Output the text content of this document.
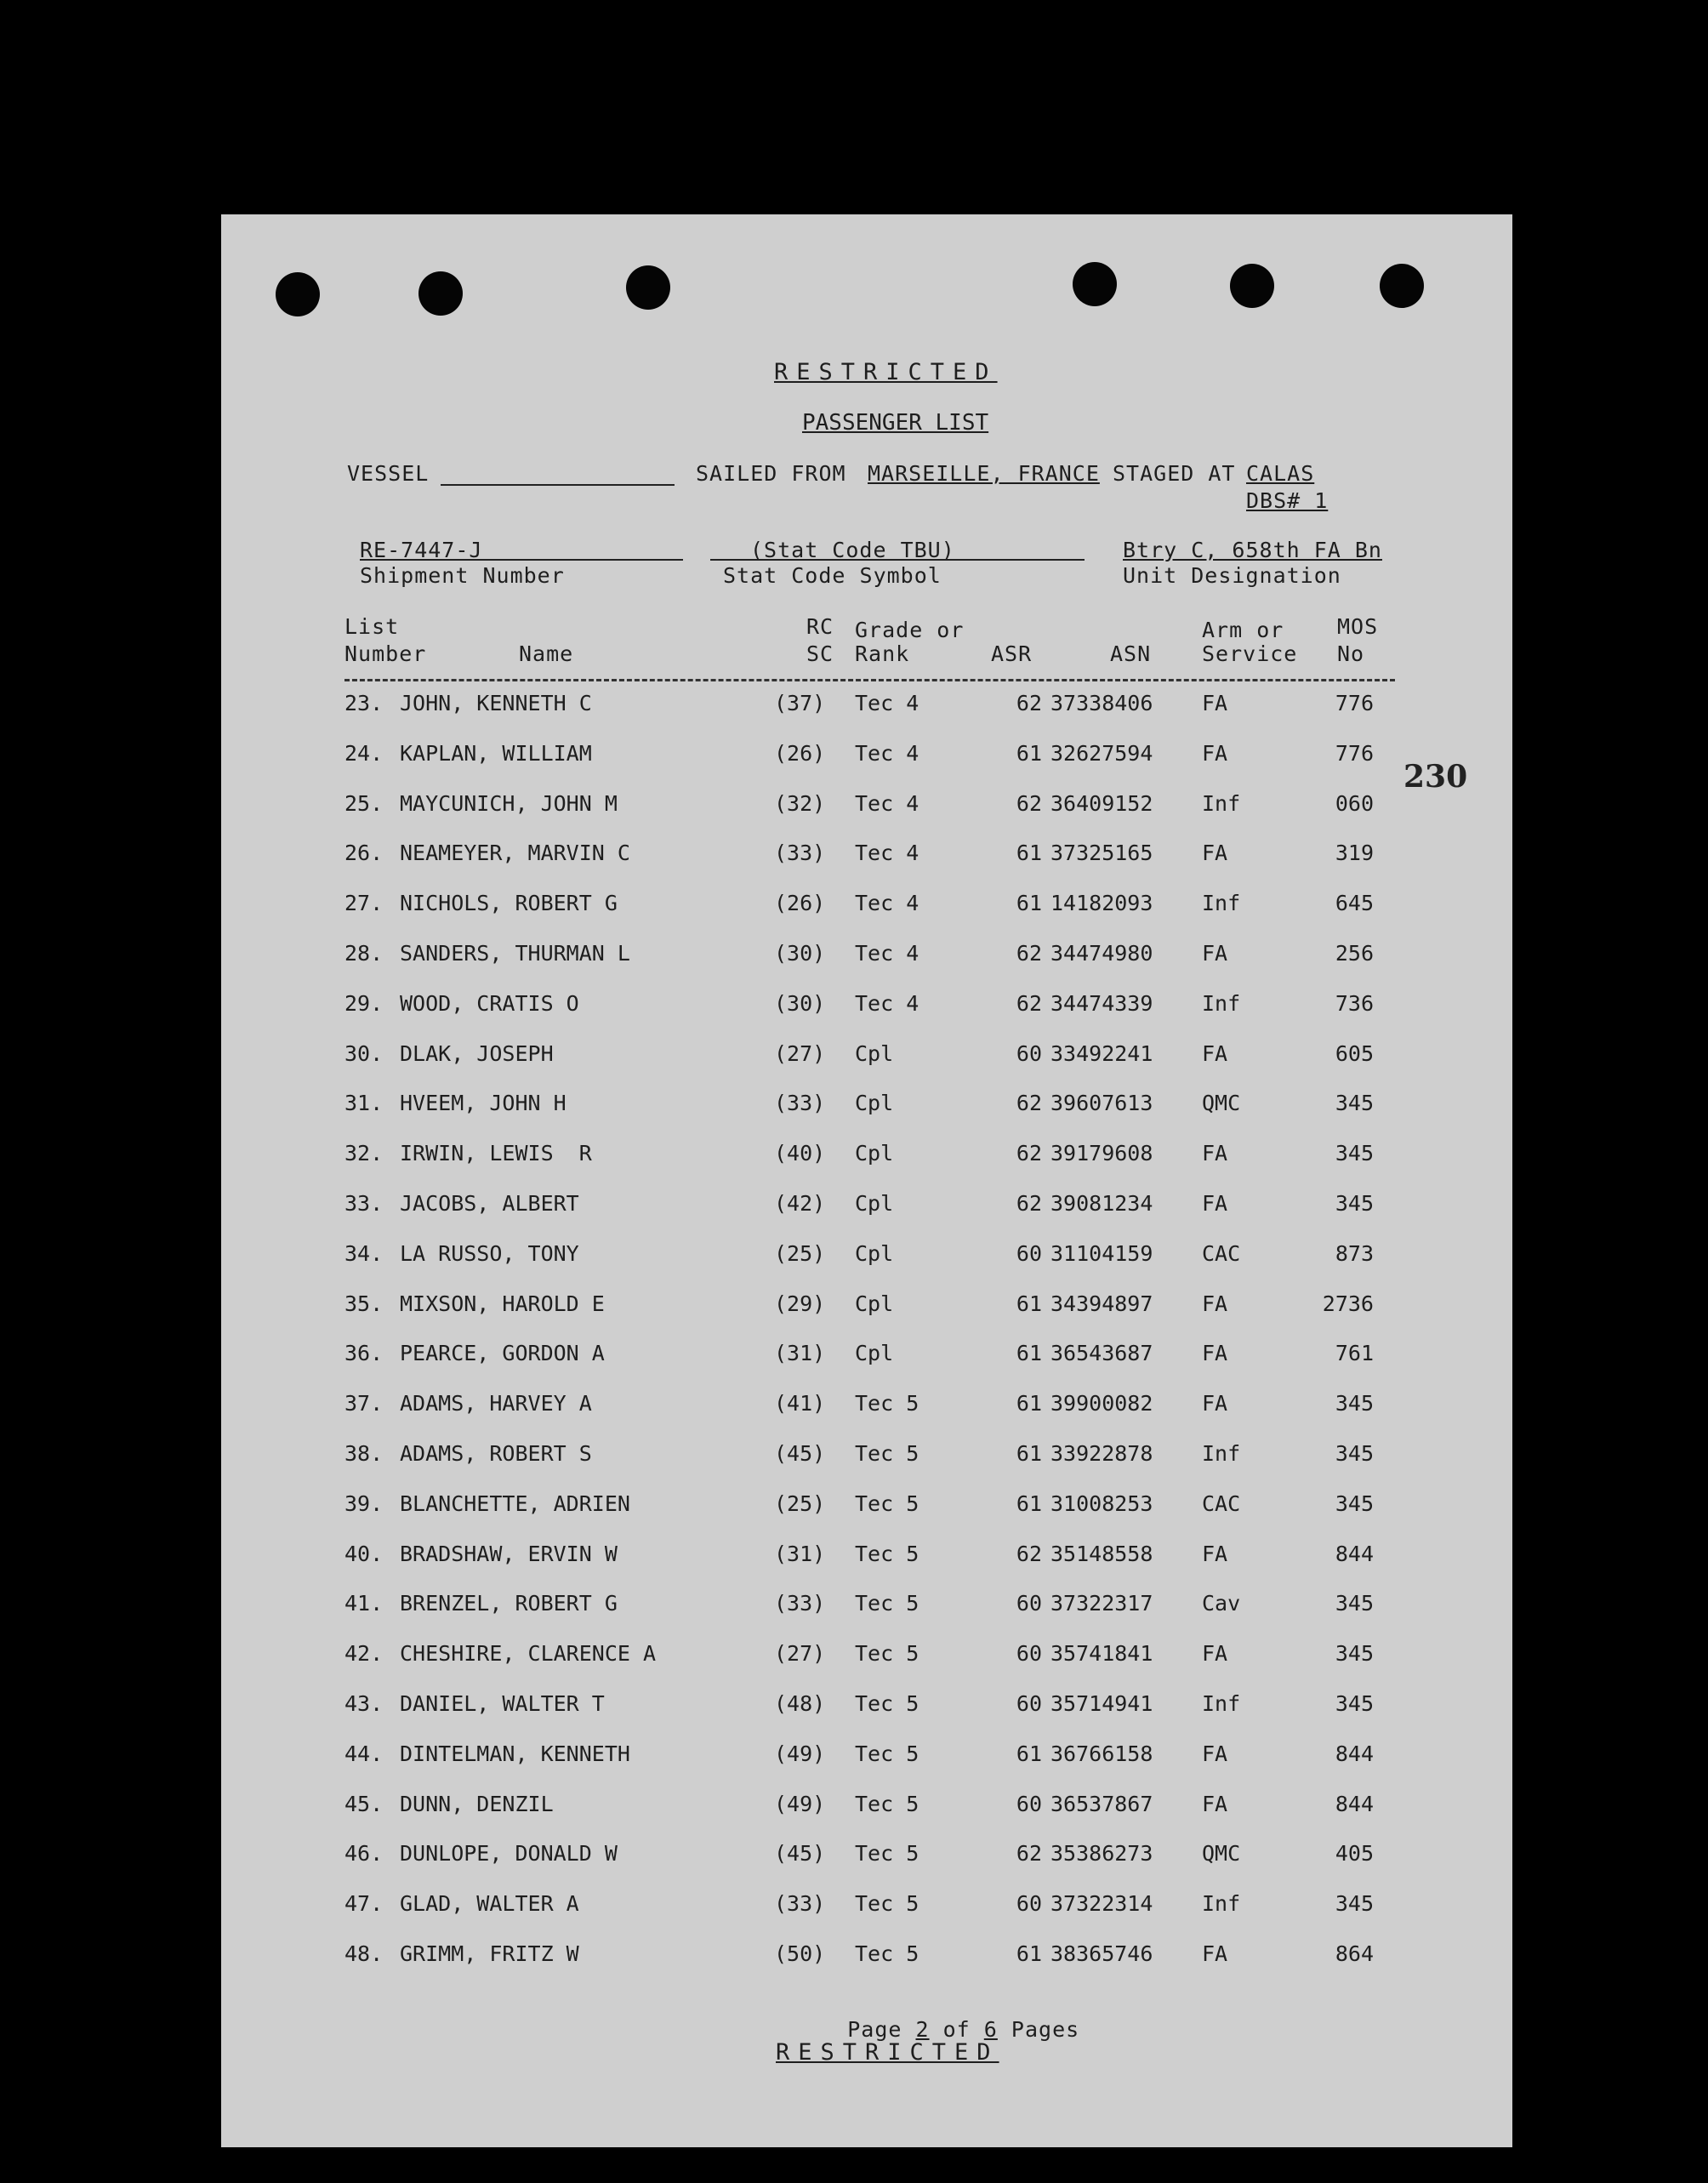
RESTRICTED
PASSENGER LIST
VESSEL	SAILED FROM MARSEILLE, FRANCE STAGED AT CALAS
DBS# 1
RE-7447-J
Shipment Number
(Stat Code TBU)
Stat Code Symbol
Btry C, 658th FA Bn
Unit Designation
List
Number	Name
RC
SC
Grade or
Rank	ASR	ASN
Arm or
Service
MOS
No
23. JOHN, KENNETH C	(37) Tec 4	62 37338406 FA	776
24. KAPLAN, WILLIAM	(26) Tec 4	61 32627594 FA	776
25. MAYCUNICH, JOHN M	(32) Tec 4	62 36409152 Inf	060
26. NEAMEYER, MARVIN C	(33) Tec 4	61 37325165 FA	319
27. NICHOLS, ROBERT G	(26) Tec 4	61 14182093 Inf	645
28. SANDERS, THURMAN L	(30) Tec 4	62 34474980 FA	256
29. WOOD, CRATIS O	(30) Tec 4	62 34474339 Inf	736
30. DLAK, JOSEPH	(27) Cpl	60 33492241 FA	605
31. HVEEM, JOHN H	(33) Cpl	62 39607613 QMC	345
32. IRWIN, LEWIS  R	(40) Cpl	62 39179608 FA	345
33. JACOBS, ALBERT	(42) Cpl	62 39081234 FA	345
34. LA RUSSO, TONY	(25) Cpl	60 31104159 CAC	873
35. MIXSON, HAROLD E	(29) Cpl	61 34394897 FA	2736
36. PEARCE, GORDON A	(31) Cpl	61 36543687 FA	761
37. ADAMS, HARVEY A	(41) Tec 5	61 39900082 FA	345
38. ADAMS, ROBERT S	(45) Tec 5	61 33922878 Inf	345
39. BLANCHETTE, ADRIEN	(25) Tec 5	61 31008253 CAC	345
40. BRADSHAW, ERVIN W	(31) Tec 5	62 35148558 FA	844
41. BRENZEL, ROBERT G	(33) Tec 5	60 37322317 Cav	345
42. CHESHIRE, CLARENCE A	(27) Tec 5	60 35741841 FA	345
43. DANIEL, WALTER T	(48) Tec 5	60 35714941 Inf	345
44. DINTELMAN, KENNETH	(49) Tec 5	61 36766158 FA	844
45. DUNN, DENZIL	(49) Tec 5	60 36537867 FA	844
46. DUNLOPE, DONALD W	(45) Tec 5	62 35386273 QMC	405
47. GLAD, WALTER A	(33) Tec 5	60 37322314 Inf	345
48. GRIMM, FRITZ W	(50) Tec 5	61 38365746 FA	864
230

Page 2 of 6 Pages

RESTRICTED
